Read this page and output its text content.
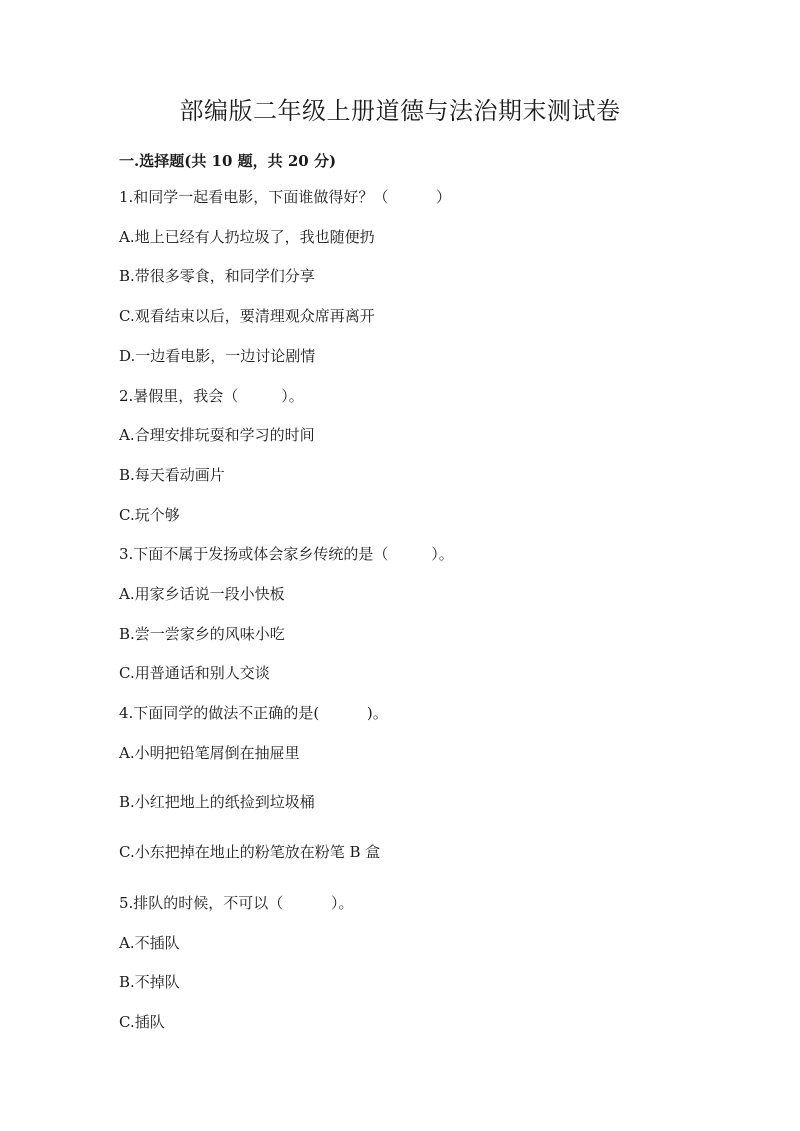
部编版二年级上册道德与法治期末测试卷
一.选择题(共 10 题，共 20 分)
1.和同学一起看电影，下面谁做得好？（          ）
A.地上已经有人扔垃圾了，我也随便扔
B.带很多零食，和同学们分享
C.观看结束以后，要清理观众席再离开
D.一边看电影，一边讨论剧情
2.暑假里，我会（         ）。
A.合理安排玩耍和学习的时间
B.每天看动画片
C.玩个够
3.下面不属于发扬或体会家乡传统的是（         ）。
A.用家乡话说一段小快板
B.尝一尝家乡的风味小吃
C.用普通话和别人交谈
4.下面同学的做法不正确的是(          )。
A.小明把铅笔屑倒在抽屉里
B.小红把地上的纸捡到垃圾桶
C.小东把掉在地止的粉笔放在粉笔 B 盒
5.排队的时候，不可以（          ）。
A.不插队
B.不掉队
C.插队
